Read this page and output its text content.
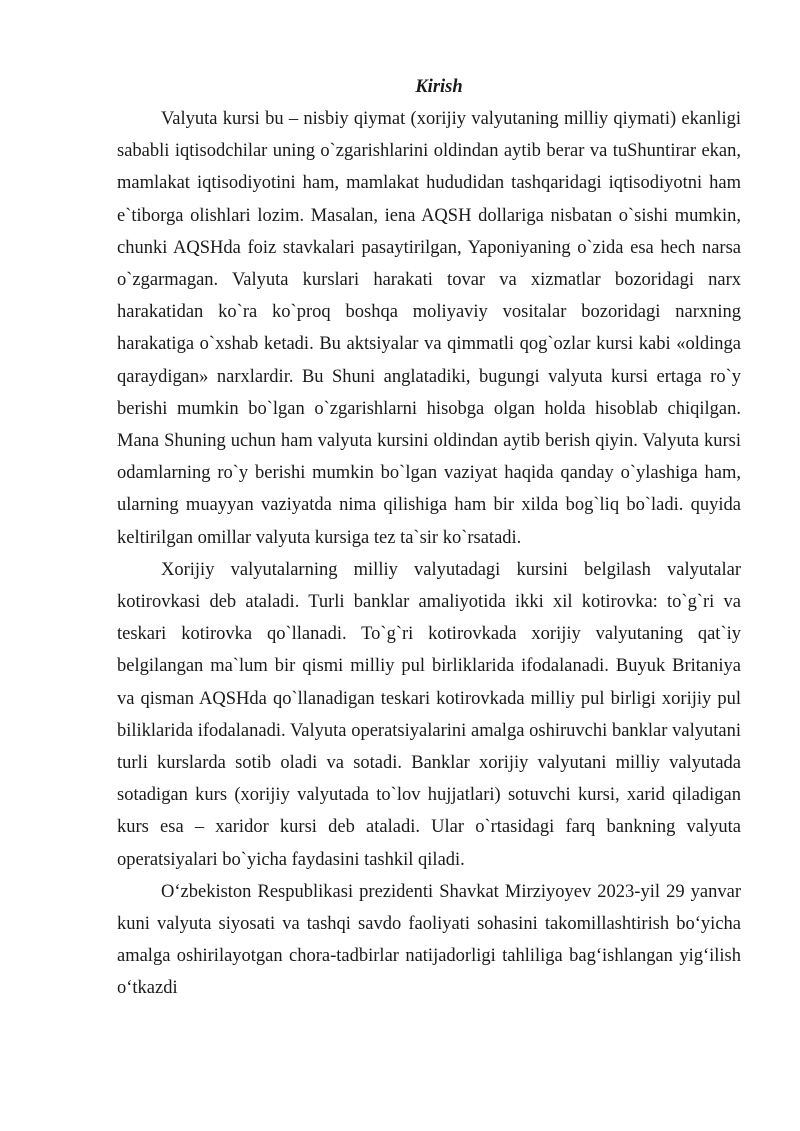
Kirish

Valyuta kursi bu – nisbiy qiymat (xorijiy valyutaning milliy qiymati) ekanligi sababli iqtisodchilar uning o`zgarishlarini oldindan aytib berar va tuShuntirar ekan, mamlakat iqtisodiyotini ham, mamlakat hududidan tashqaridagi iqtisodiyotni ham e`tiborga olishlari lozim. Masalan, iena AQSH dollariga nisbatan o`sishi mumkin, chunki AQSHda foiz stavkalari pasaytirilgan, Yaponiyaning o`zida esa hech narsa o`zgarmagan. Valyuta kurslari harakati tovar va xizmatlar bozoridagi narx harakatidan ko`ra ko`proq boshqa moliyaviy vositalar bozoridagi narxning harakatiga o`xshab ketadi. Bu aktsiyalar va qimmatli qog`ozlar kursi kabi «oldinga qaraydigan» narxlardir. Bu Shuni anglatadiki, bugungi valyuta kursi ertaga ro`y berishi mumkin bo`lgan o`zgarishlarni hisobga olgan holda hisoblab chiqilgan. Mana Shuning uchun ham valyuta kursini oldindan aytib berish qiyin. Valyuta kursi odamlarning ro`y berishi mumkin bo`lgan vaziyat haqida qanday o`ylashiga ham, ularning muayyan vaziyatda nima qilishiga ham bir xilda bog`liq bo`ladi. quyida keltirilgan omillar valyuta kursiga tez ta`sir ko`rsatadi.

Xorijiy valyutalarning milliy valyutadagi kursini belgilash valyutalar kotirovkasi deb ataladi. Turli banklar amaliyotida ikki xil kotirovka: to`g`ri va teskari kotirovka qo`llanadi. To`g`ri kotirovkada xorijiy valyutaning qat`iy belgilangan ma`lum bir qismi milliy pul birliklarida ifodalanadi. Buyuk Britaniya va qisman AQSHda qo`llanadigan teskari kotirovkada milliy pul birligi xorijiy pul biliklarida ifodalanadi. Valyuta operatsiyalarini amalga oshiruvchi banklar valyutani turli kurslarda sotib oladi va sotadi. Banklar xorijiy valyutani milliy valyutada sotadigan kurs (xorijiy valyutada to`lov hujjatlari) sotuvchi kursi, xarid qiladigan kurs esa – xaridor kursi deb ataladi. Ular o`rtasidagi farq bankning valyuta operatsiyalari bo`yicha faydasini tashkil qiladi.

O‘zbekiston Respublikasi prezidenti Shavkat Mirziyoyev 2023-yil 29 yanvar kuni valyuta siyosati va tashqi savdo faoliyati sohasini takomillashtirish bo‘yicha amalga oshirilayotgan chora-tadbirlar natijadorligi tahliliga bag‘ishlangan yig‘ilish o‘tkazdi
